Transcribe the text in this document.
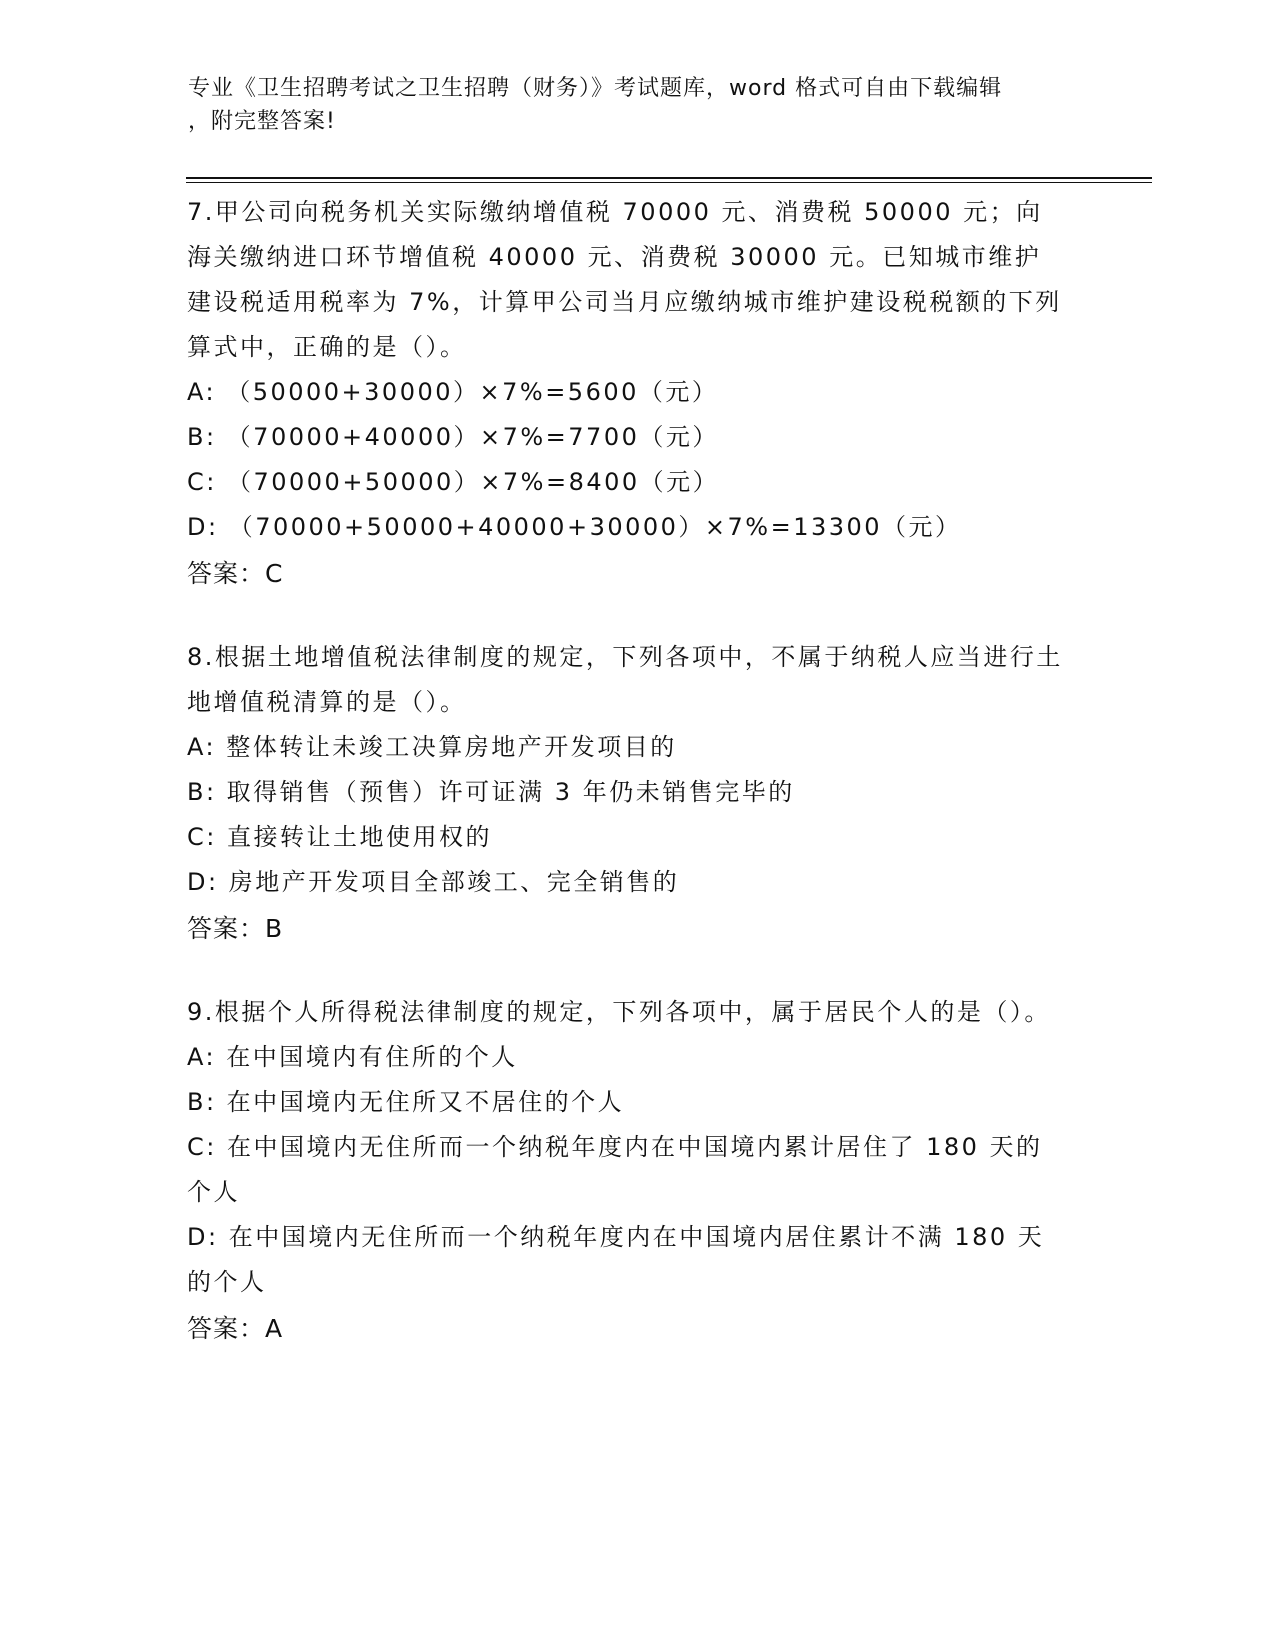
专业《卫生招聘考试之卫生招聘（财务）》考试题库，word 格式可自由下载编辑
，附完整答案!
7.甲公司向税务机关实际缴纳增值税 70000 元、消费税 50000 元；向海关缴纳进口环节增值税 40000 元、消费税 30000 元。已知城市维护建设税适用税率为 7%，计算甲公司当月应缴纳城市维护建设税税额的下列算式中，正确的是（）。
A: （50000+30000）×7%=5600（元）
B: （70000+40000）×7%=7700（元）
C: （70000+50000）×7%=8400（元）
D: （70000+50000+40000+30000）×7%=13300（元）
答案：C
8.根据土地增值税法律制度的规定，下列各项中，不属于纳税人应当进行土地增值税清算的是（）。
A: 整体转让未竣工决算房地产开发项目的
B: 取得销售（预售）许可证满 3 年仍未销售完毕的
C: 直接转让土地使用权的
D: 房地产开发项目全部竣工、完全销售的
答案：B
9.根据个人所得税法律制度的规定，下列各项中，属于居民个人的是（）。
A: 在中国境内有住所的个人
B: 在中国境内无住所又不居住的个人
C: 在中国境内无住所而一个纳税年度内在中国境内累计居住了 180 天的个人
D: 在中国境内无住所而一个纳税年度内在中国境内居住累计不满 180 天的个人
答案：A
